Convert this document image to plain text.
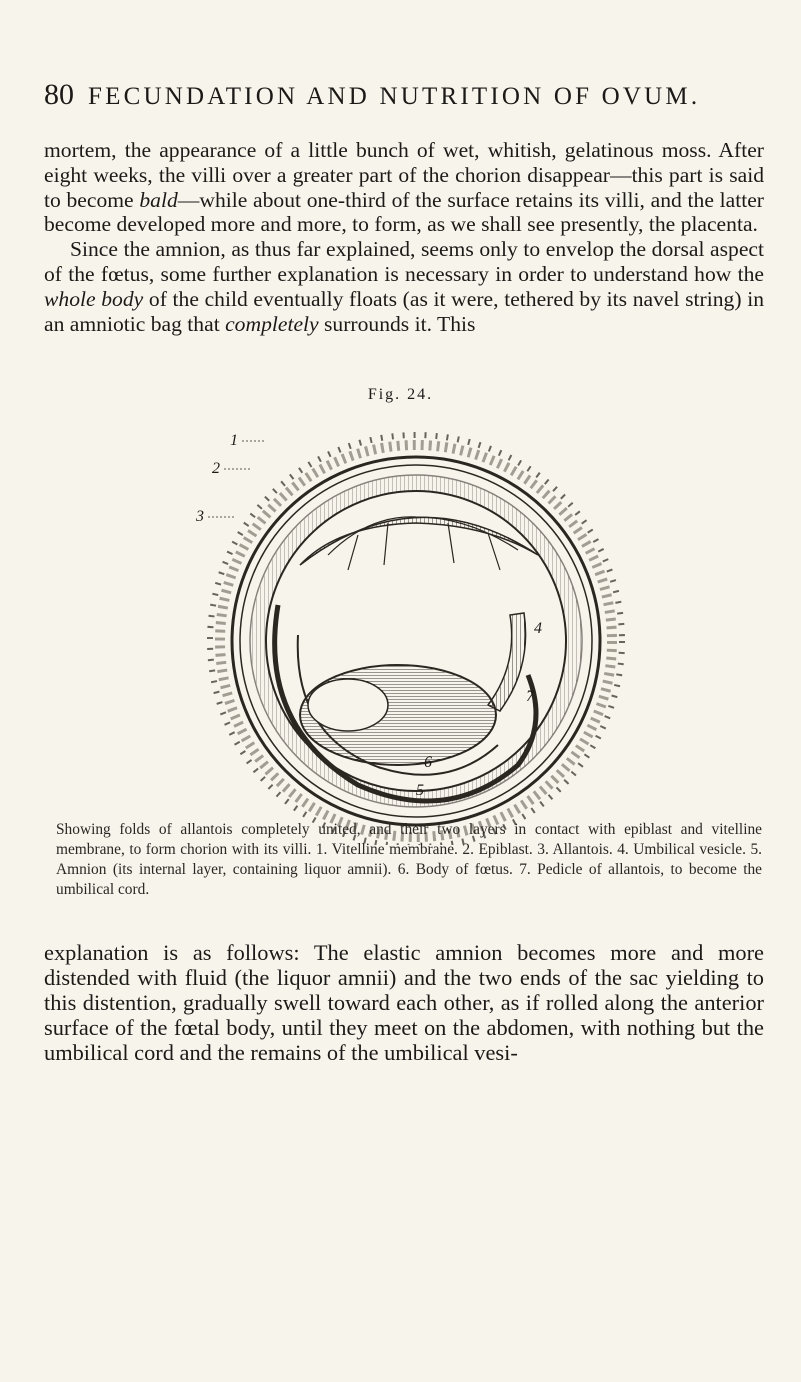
80 FECUNDATION AND NUTRITION OF OVUM.

mortem, the appearance of a little bunch of wet, whitish, gelatinous moss. After eight weeks, the villi over a greater part of the chorion disappear—this part is said to become bald—while about one-third of the surface retains its villi, and the latter become developed more and more, to form, as we shall see presently, the placenta.

Since the amnion, as thus far explained, seems only to envelop the dorsal aspect of the fœtus, some further explanation is necessary in order to understand how the whole body of the child eventually floats (as it were, tethered by its navel string) in an amniotic bag that completely surrounds it. This

Fig. 24.
1
2
3
4
5
6
7

Showing folds of allantois completely united, and their two layers in contact with epiblast and vitelline membrane, to form chorion with its villi. 1. Vitelline membrane. 2. Epiblast. 3. Allantois. 4. Umbilical vesicle. 5. Amnion (its internal layer, containing liquor amnii). 6. Body of fœtus. 7. Pedicle of allantois, to become the umbilical cord.

explanation is as follows: The elastic amnion becomes more and more distended with fluid (the liquor amnii) and the two ends of the sac yielding to this distention, gradually swell toward each other, as if rolled along the anterior surface of the fœtal body, until they meet on the abdomen, with nothing but the umbilical cord and the remains of the umbilical vesi-
